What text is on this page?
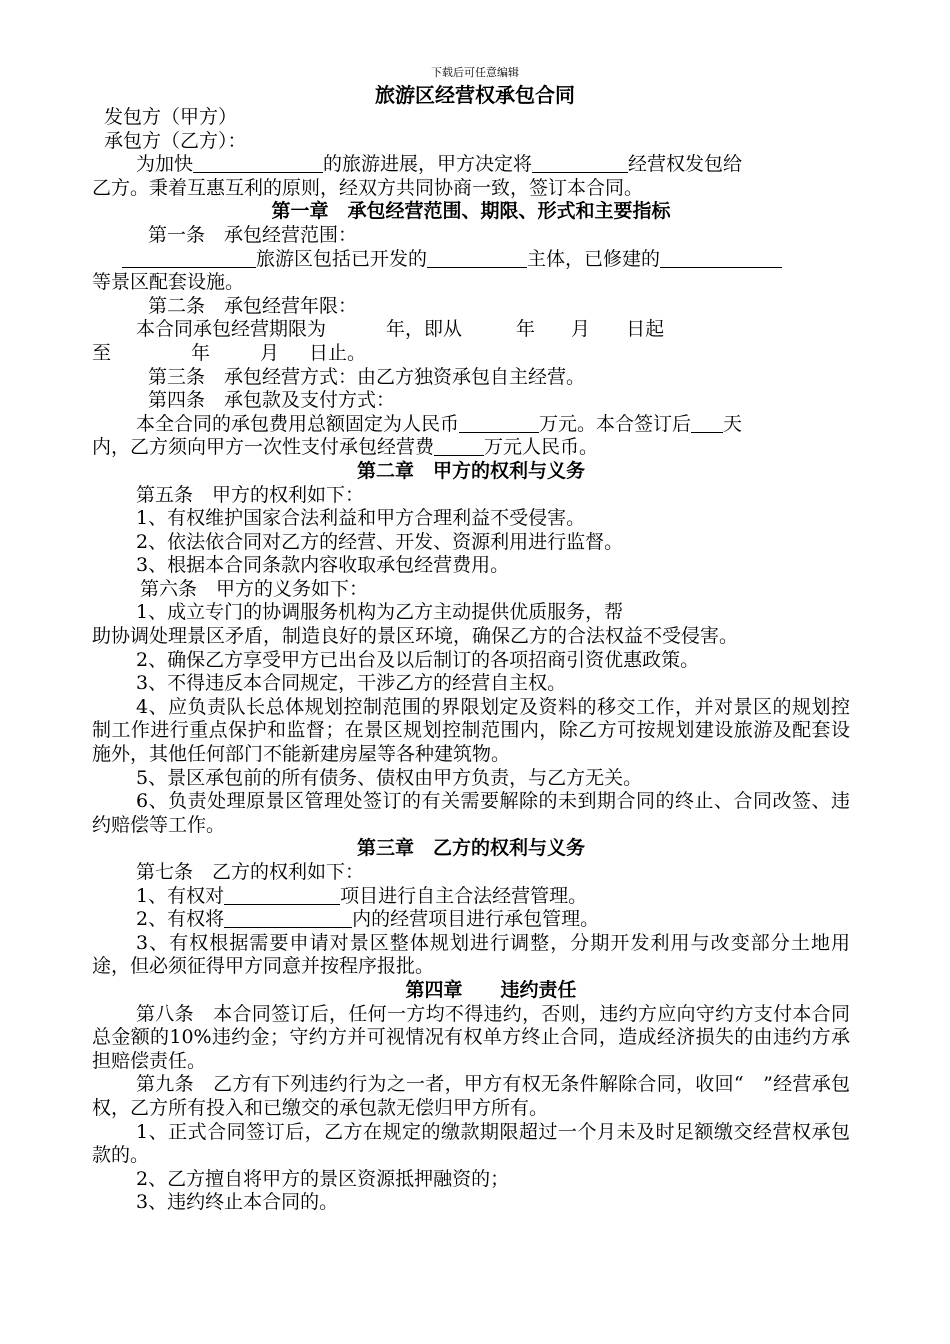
下载后可任意编辑
旅游区经营权承包合同

发包方（甲方）

承包方（乙方）：

为加快	的旅游进展，甲方决定将	经营权发包给

乙方。秉着互惠互利的原则，经双方共同协商一致，签订本合同。

第一章　承包经营范围、期限、形式和主要指标

第一条　承包经营范围：

旅游区包括已开发的	主体，已修建的

等景区配套设施。

第二条　承包经营年限：

本合同承包经营期限为	年，即从	年 月 日起

至	年	月 日止。

第三条　承包经营方式：由乙方独资承包自主经营。

第四条　承包款及支付方式：

本全合同的承包费用总额固定为人民币	万元。本合签订后 天

内，乙方须向甲方一次性支付承包经营费	万元人民币。

第二章　甲方的权利与义务

第五条　甲方的权利如下：

1、有权维护国家合法利益和甲方合理利益不受侵害。

2、依法依合同对乙方的经营、开发、资源利用进行监督。

3、根据本合同条款内容收取承包经营费用。

第六条　甲方的义务如下：

1、成立专门的协调服务机构为乙方主动提供优质服务，帮

助协调处理景区矛盾，制造良好的景区环境，确保乙方的合法权益不受侵害。

2、确保乙方享受甲方已出台及以后制订的各项招商引资优惠政策。

3、不得违反本合同规定，干涉乙方的经营自主权。

4、应负责队长总体规划控制范围的界限划定及资料的移交工作，并对景区的规划控制工作进行重点保护和监督；在景区规划控制范围内，除乙方可按规划建设旅游及配套设施外，其他任何部门不能新建房屋等各种建筑物。

5、景区承包前的所有债务、债权由甲方负责，与乙方无关。

6、负责处理原景区管理处签订的有关需要解除的未到期合同的终止、合同改签、违约赔偿等工作。

第三章　乙方的权利与义务

第七条　乙方的权利如下：

1、有权对	项目进行自主合法经营管理。

2、有权将	内的经营项目进行承包管理。

3、有权根据需要申请对景区整体规划进行调整，分期开发利用与改变部分土地用途，但必须征得甲方同意并按程序报批。

第四章　　违约责任

第八条　本合同签订后，任何一方均不得违约，否则，违约方应向守约方支付本合同总金额的10%违约金；守约方并可视情况有权单方终止合同，造成经济损失的由违约方承担赔偿责任。

第九条　乙方有下列违约行为之一者，甲方有权无条件解除合同，收回“　”经营承包权，乙方所有投入和已缴交的承包款无偿归甲方所有。

1、正式合同签订后，乙方在规定的缴款期限超过一个月未及时足额缴交经营权承包款的。

2、乙方擅自将甲方的景区资源抵押融资的；

3、违约终止本合同的。
